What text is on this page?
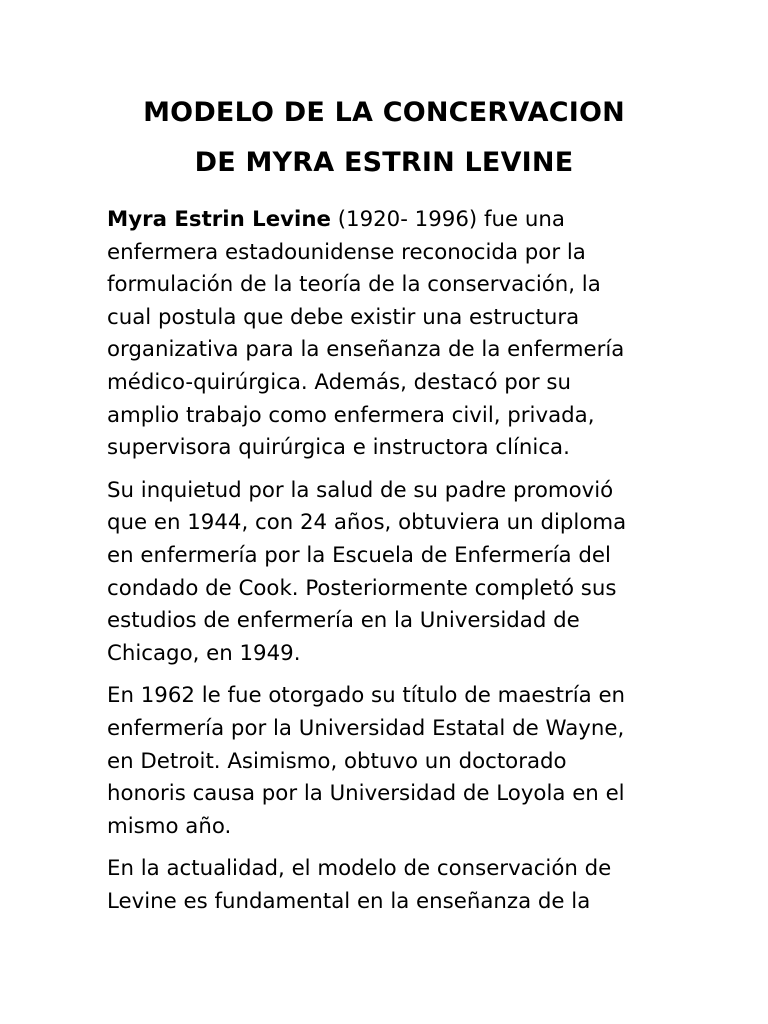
MODELO DE LA CONCERVACION
DE MYRA ESTRIN LEVINE

Myra Estrin Levine (1920- 1996) fue una
enfermera estadounidense reconocida por la
formulación de la teoría de la conservación, la
cual postula que debe existir una estructura
organizativa para la enseñanza de la enfermería
médico-quirúrgica. Además, destacó por su
amplio trabajo como enfermera civil, privada,
supervisora quirúrgica e instructora clínica.

Su inquietud por la salud de su padre promovió
que en 1944, con 24 años, obtuviera un diploma
en enfermería por la Escuela de Enfermería del
condado de Cook. Posteriormente completó sus
estudios de enfermería en la Universidad de
Chicago, en 1949.

En 1962 le fue otorgado su título de maestría en
enfermería por la Universidad Estatal de Wayne,
en Detroit. Asimismo, obtuvo un doctorado
honoris causa por la Universidad de Loyola en el
mismo año.

En la actualidad, el modelo de conservación de
Levine es fundamental en la enseñanza de la
